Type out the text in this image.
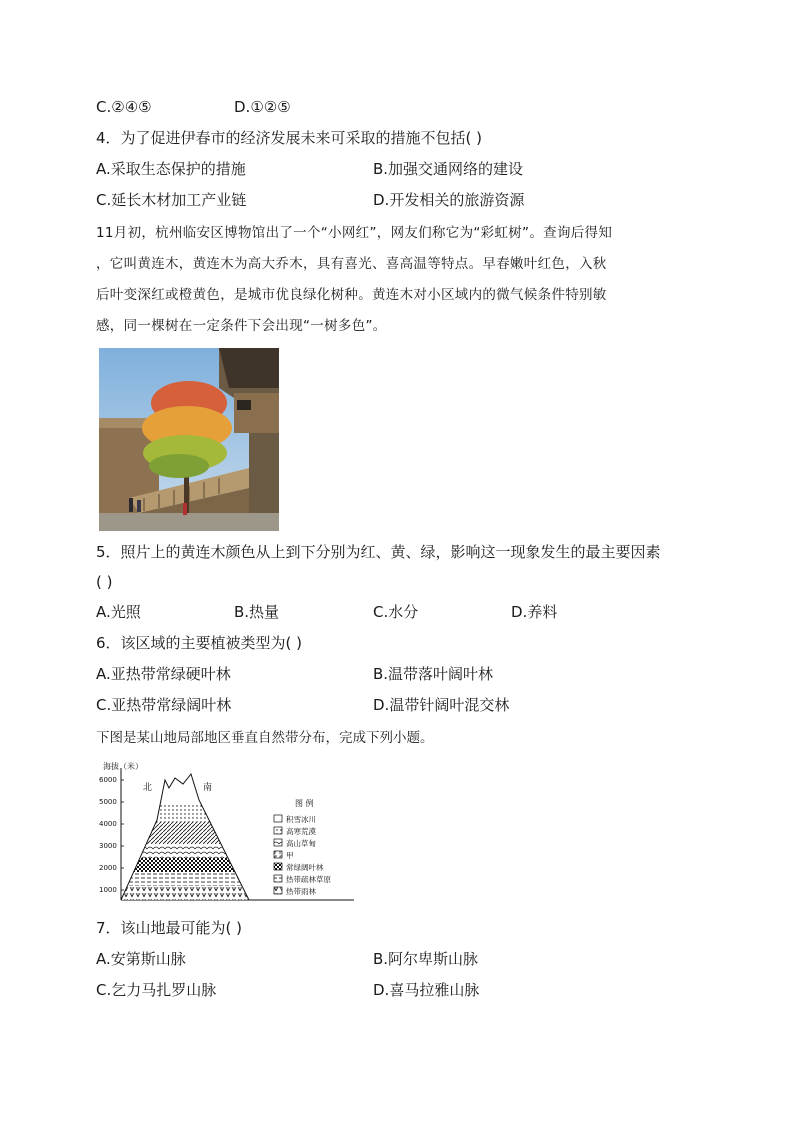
C.②④⑤	D.①②⑤
4．为了促进伊春市的经济发展未来可采取的措施不包括( )
A.采取生态保护的措施	B.加强交通网络的建设
C.延长木材加工产业链	D.开发相关的旅游资源
11月初，杭州临安区博物馆出了一个“小网红”，网友们称它为“彩虹树”。查询后得知
，它叫黄连木，黄连木为高大乔木，具有喜光、喜高温等特点。早春嫩叶红色，入秋
后叶变深红或橙黄色，是城市优良绿化树种。黄连木对小区域内的微气候条件特别敏
感，同一棵树在一定条件下会出现“一树多色”。
5．照片上的黄连木颜色从上到下分别为红、黄、绿，影响这一现象发生的最主要因素
( )
A.光照	B.热量	C.水分	D.养料
6．该区域的主要植被类型为( )
A.亚热带常绿硬叶林	B.温带落叶阔叶林
C.亚热带常绿阔叶林	D.温带针阔叶混交林
下图是某山地局部地区垂直自然带分布，完成下列小题。
海拔（米）
6000
5000
4000
3000
2000
1000
北	南
图 例
积雪冰川
高寒荒漠
高山草甸
甲
常绿阔叶林
热带疏林草原
热带雨林
7．该山地最可能为( )
A.安第斯山脉	B.阿尔卑斯山脉
C.乞力马扎罗山脉	D.喜马拉雅山脉
